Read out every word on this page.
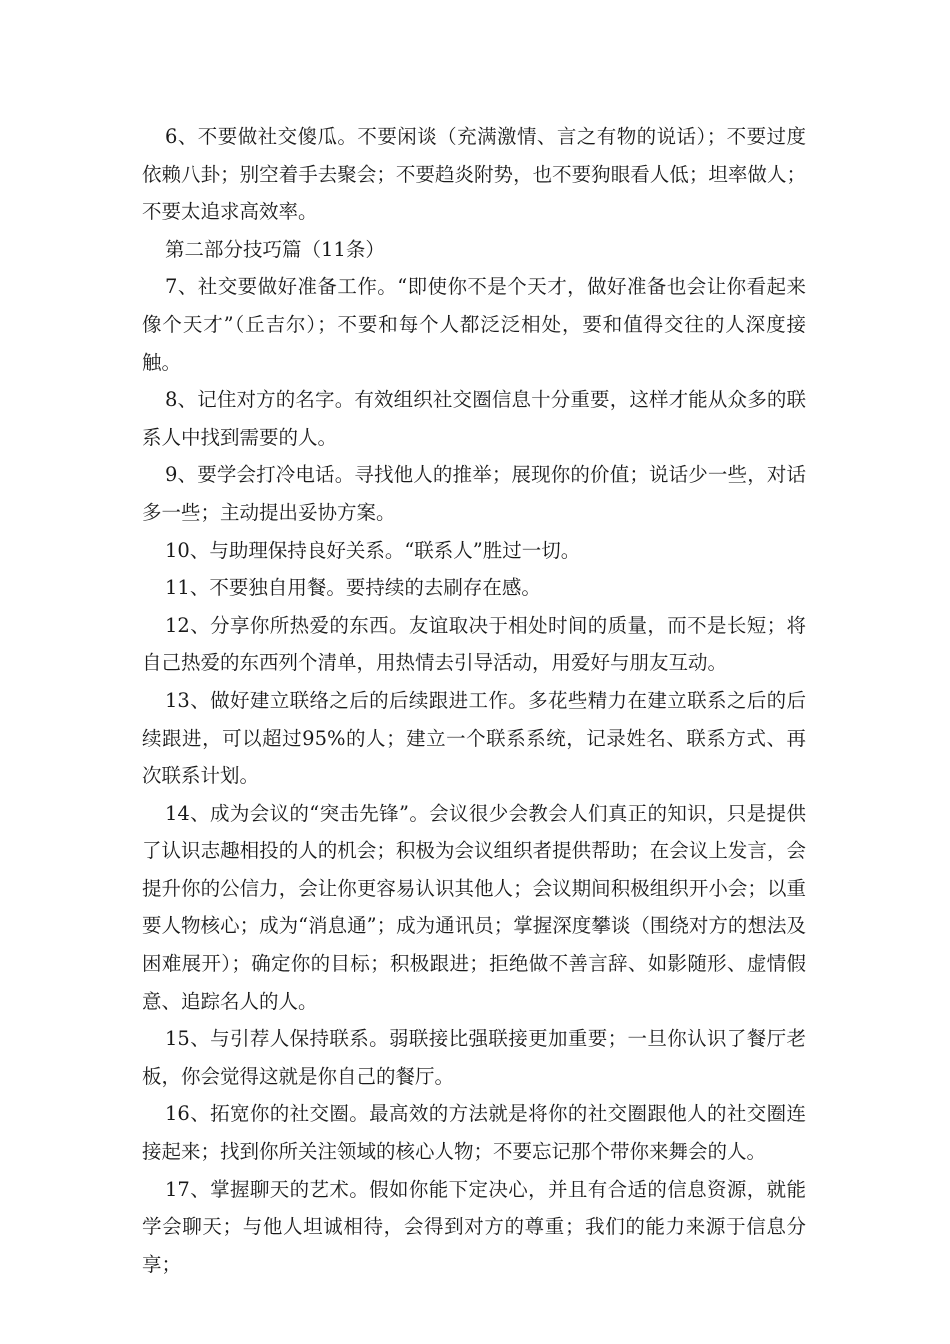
6、不要做社交傻瓜。不要闲谈（充满激情、言之有物的说话）；不要过度依赖八卦；别空着手去聚会；不要趋炎附势，也不要狗眼看人低；坦率做人；不要太追求高效率。

第二部分技巧篇（11条）

7、社交要做好准备工作。“即使你不是个天才，做好准备也会让你看起来像个天才”（丘吉尔）；不要和每个人都泛泛相处，要和值得交往的人深度接触。

8、记住对方的名字。有效组织社交圈信息十分重要，这样才能从众多的联系人中找到需要的人。

9、要学会打冷电话。寻找他人的推举；展现你的价值；说话少一些，对话多一些；主动提出妥协方案。

10、与助理保持良好关系。“联系人”胜过一切。

11、不要独自用餐。要持续的去刷存在感。

12、分享你所热爱的东西。友谊取决于相处时间的质量，而不是长短；将自己热爱的东西列个清单，用热情去引导活动，用爱好与朋友互动。

13、做好建立联络之后的后续跟进工作。多花些精力在建立联系之后的后续跟进，可以超过95%的人；建立一个联系系统，记录姓名、联系方式、再次联系计划。

14、成为会议的“突击先锋”。会议很少会教会人们真正的知识，只是提供了认识志趣相投的人的机会；积极为会议组织者提供帮助；在会议上发言，会提升你的公信力，会让你更容易认识其他人；会议期间积极组织开小会；以重要人物核心；成为“消息通”；成为通讯员；掌握深度攀谈（围绕对方的想法及困难展开）；确定你的目标；积极跟进；拒绝做不善言辞、如影随形、虚情假意、追踪名人的人。

15、与引荐人保持联系。弱联接比强联接更加重要；一旦你认识了餐厅老板，你会觉得这就是你自己的餐厅。

16、拓宽你的社交圈。最高效的方法就是将你的社交圈跟他人的社交圈连接起来；找到你所关注领域的核心人物；不要忘记那个带你来舞会的人。

17、掌握聊天的艺术。假如你能下定决心，并且有合适的信息资源，就能学会聊天；与他人坦诚相待，会得到对方的尊重；我们的能力来源于信息分享；
